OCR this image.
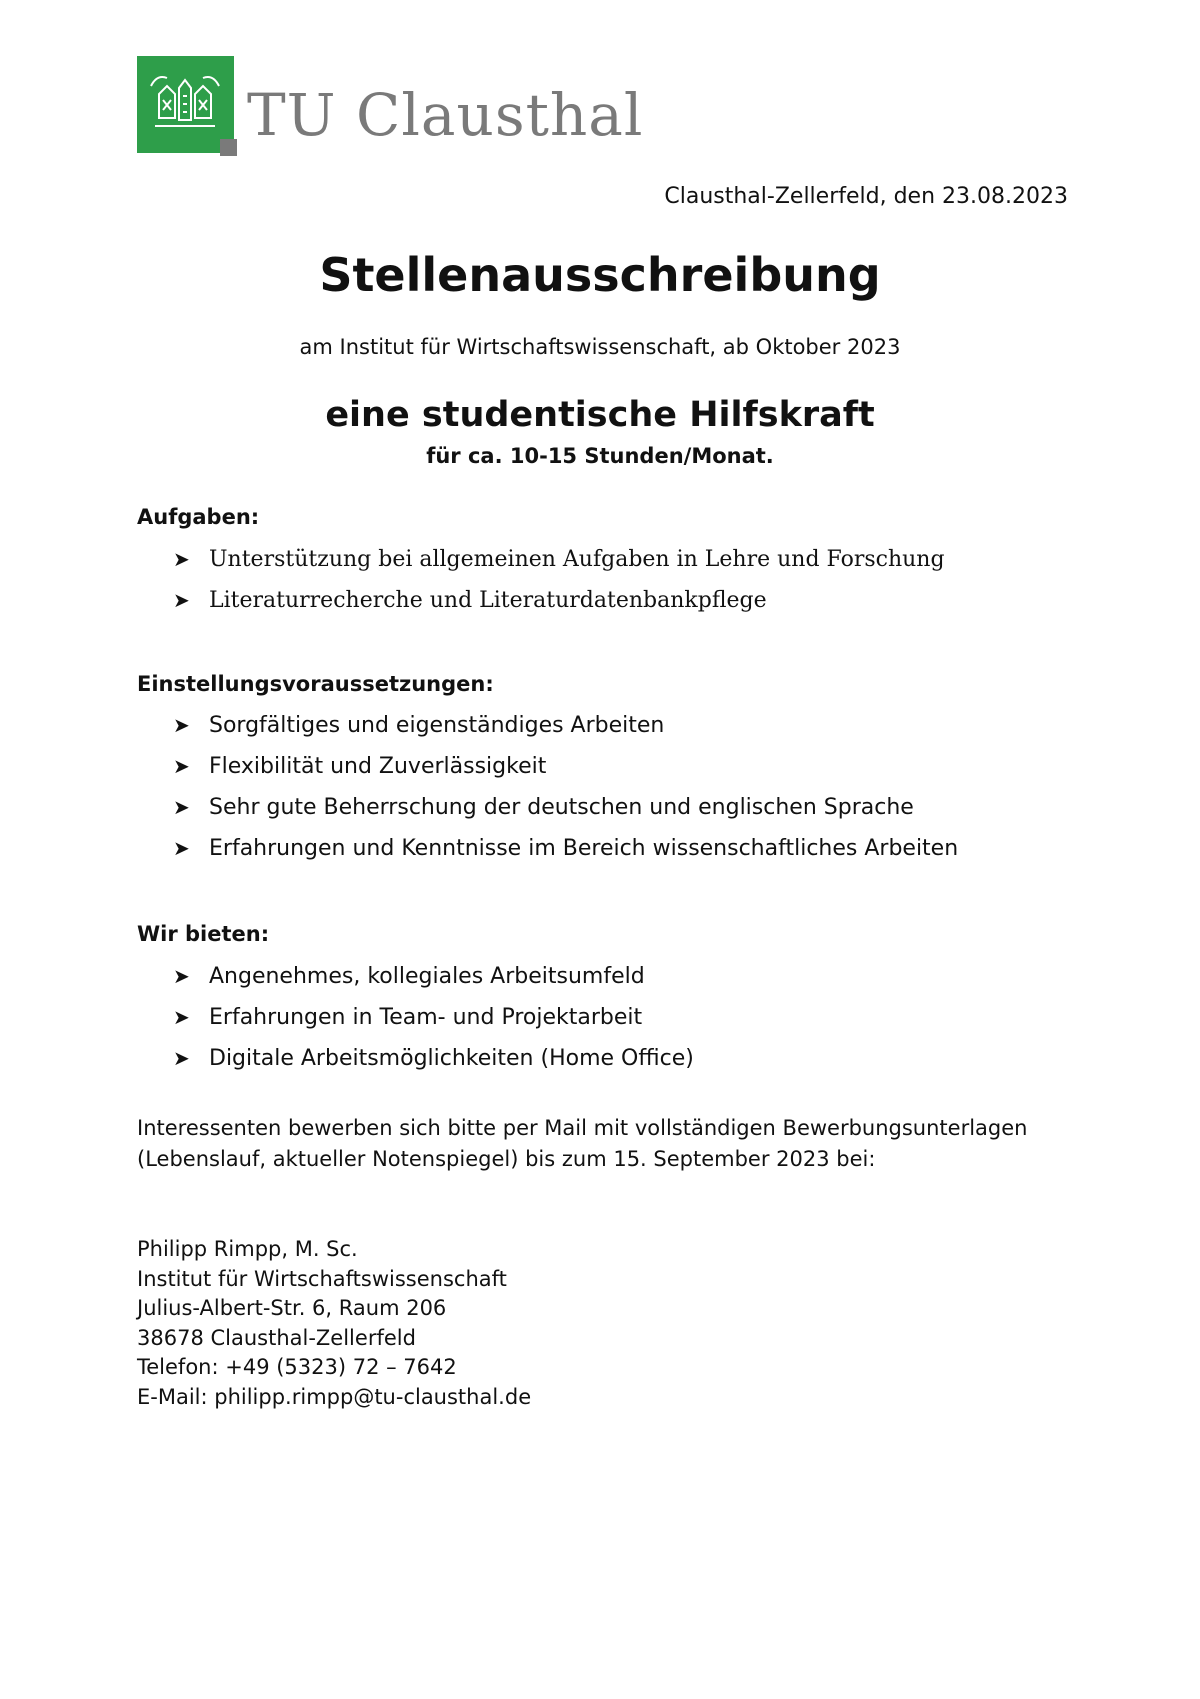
TU Clausthal
Clausthal-Zellerfeld, den 23.08.2023
Stellenausschreibung
am Institut für Wirtschaftswissenschaft, ab Oktober 2023
eine studentische Hilfskraft
für ca. 10-15 Stunden/Monat.
Aufgaben:
➤ Unterstützung bei allgemeinen Aufgaben in Lehre und Forschung
➤ Literaturrecherche und Literaturdatenbankpflege
Einstellungsvoraussetzungen:
➤ Sorgfältiges und eigenständiges Arbeiten
➤ Flexibilität und Zuverlässigkeit
➤ Sehr gute Beherrschung der deutschen und englischen Sprache
➤ Erfahrungen und Kenntnisse im Bereich wissenschaftliches Arbeiten
Wir bieten:
➤ Angenehmes, kollegiales Arbeitsumfeld
➤ Erfahrungen in Team- und Projektarbeit
➤ Digitale Arbeitsmöglichkeiten (Home Office)
Interessenten bewerben sich bitte per Mail mit vollständigen Bewerbungsunterlagen (Lebenslauf, aktueller Notenspiegel) bis zum 15. September 2023 bei:
Philipp Rimpp, M. Sc.
Institut für Wirtschaftswissenschaft
Julius-Albert-Str. 6, Raum 206
38678 Clausthal-Zellerfeld
Telefon: +49 (5323) 72 – 7642
E-Mail: philipp.rimpp@tu-clausthal.de
